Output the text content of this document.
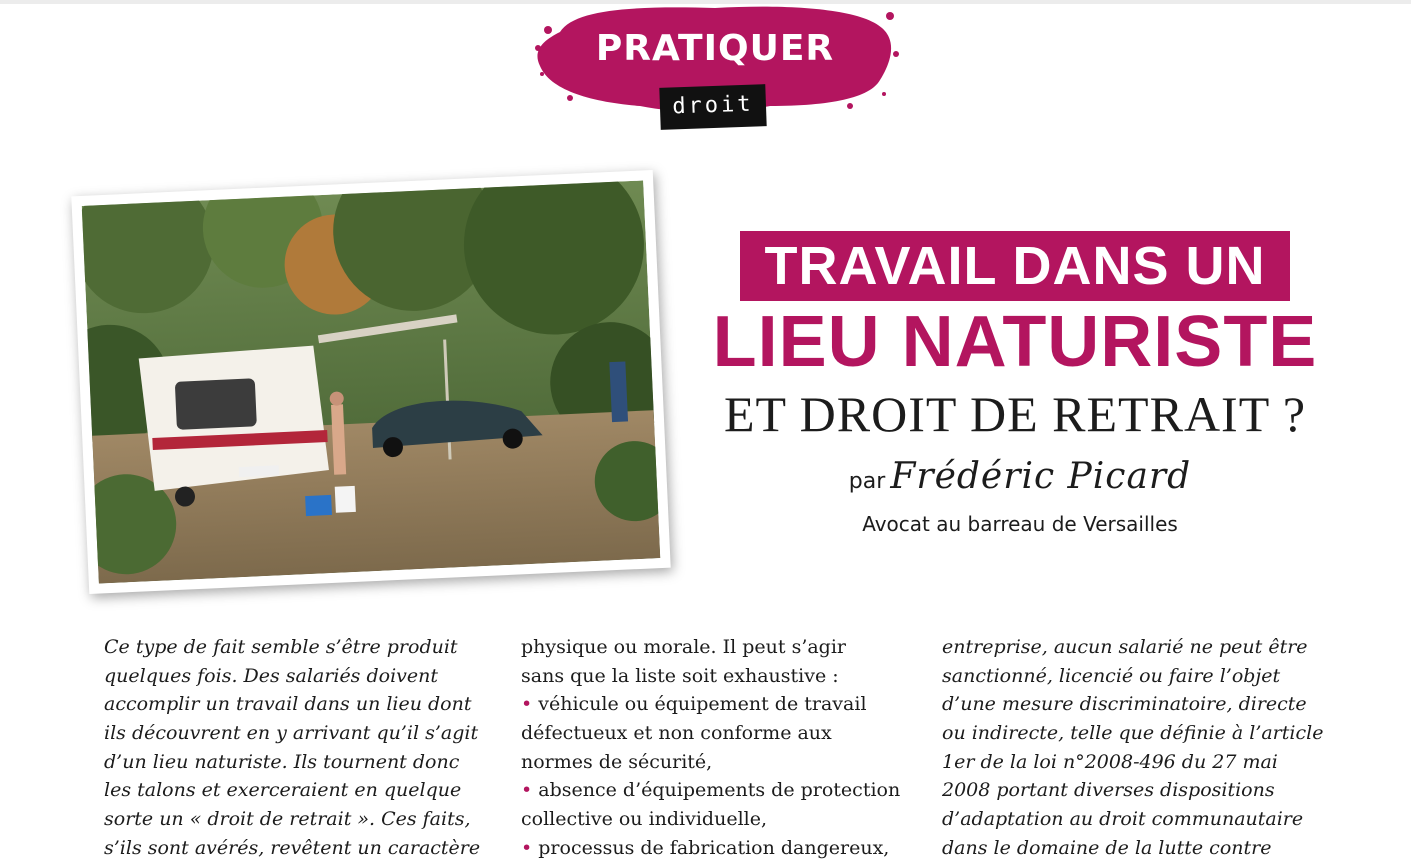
PRATIQUER
droit
TRAVAIL DANS UN
LIEU NATURISTE
ET DROIT DE RETRAIT ?
par Frédéric Picard
Avocat au barreau de Versailles
Ce type de fait semble s’être produit
quelques fois. Des salariés doivent
accomplir un travail dans un lieu dont
ils découvrent en y arrivant qu’il s’agit
d’un lieu naturiste. Ils tournent donc
les talons et exerceraient en quelque
sorte un « droit de retrait ». Ces faits,
s’ils sont avérés, revêtent un caractère
physique ou morale. Il peut s’agir
sans que la liste soit exhaustive :
• véhicule ou équipement de travail
défectueux et non conforme aux
normes de sécurité,
• absence d’équipements de protection
collective ou individuelle,
• processus de fabrication dangereux,
entreprise, aucun salarié ne peut être
sanctionné, licencié ou faire l’objet
d’une mesure discriminatoire, directe
ou indirecte, telle que définie à l’article
1er de la loi n°2008-496 du 27 mai
2008 portant diverses dispositions
d’adaptation au droit communautaire
dans le domaine de la lutte contre
